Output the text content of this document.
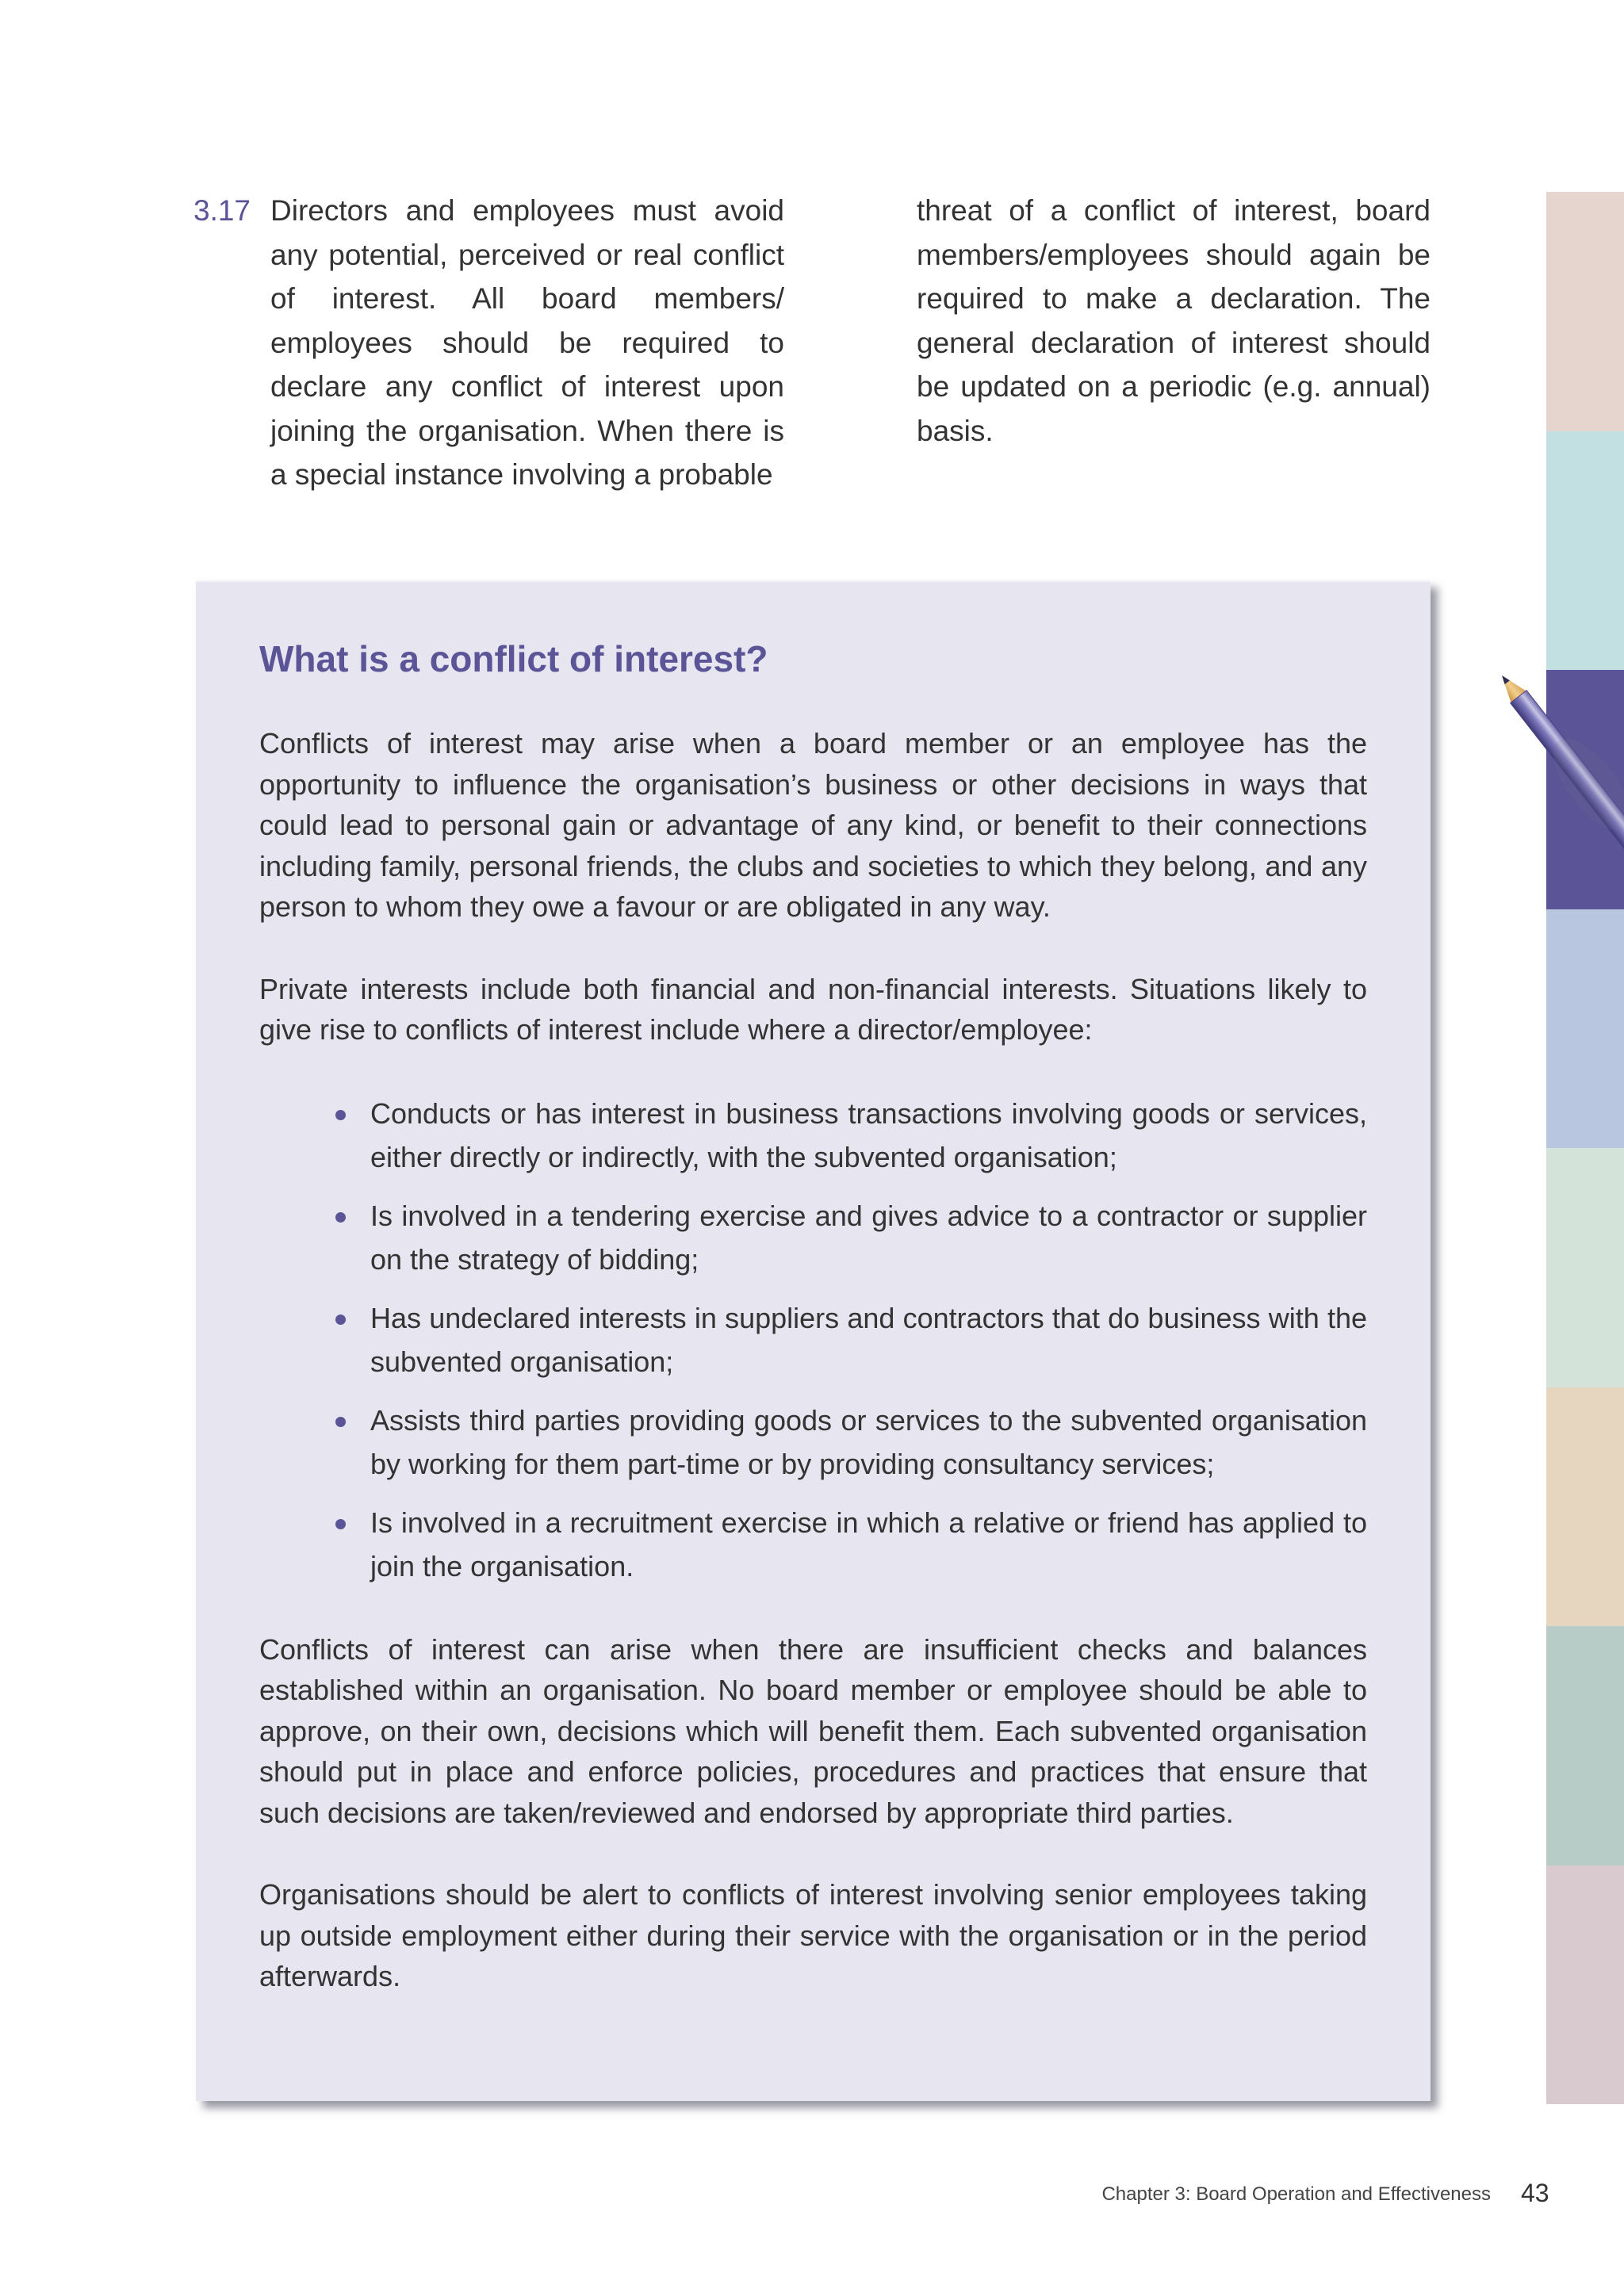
3.17 Directors and employees must avoid any potential, perceived or real conflict of interest. All board members/ employees should be required to declare any conflict of interest upon joining the organisation. When there is a special instance involving a probable

threat of a conflict of interest, board members/employees should again be required to make a declaration. The general declaration of interest should be updated on a periodic (e.g. annual) basis.

What is a conflict of interest?

Conflicts of interest may arise when a board member or an employee has the opportunity to influence the organisation’s business or other decisions in ways that could lead to personal gain or advantage of any kind, or benefit to their connections including family, personal friends, the clubs and societies to which they belong, and any person to whom they owe a favour or are obligated in any way.

Private interests include both financial and non-financial interests. Situations likely to give rise to conflicts of interest include where a director/employee:

Conducts or has interest in business transactions involving goods or services, either directly or indirectly, with the subvented organisation;
Is involved in a tendering exercise and gives advice to a contractor or supplier on the strategy of bidding;
Has undeclared interests in suppliers and contractors that do business with the subvented organisation;
Assists third parties providing goods or services to the subvented organisation by working for them part-time or by providing consultancy services;
Is involved in a recruitment exercise in which a relative or friend has applied to join the organisation.

Conflicts of interest can arise when there are insufficient checks and balances established within an organisation. No board member or employee should be able to approve, on their own, decisions which will benefit them. Each subvented organisation should put in place and enforce policies, procedures and practices that ensure that such decisions are taken/reviewed and endorsed by appropriate third parties.

Organisations should be alert to conflicts of interest involving senior employees taking up outside employment either during their service with the organisation or in the period afterwards.

Chapter 3: Board Operation and Effectiveness 43
